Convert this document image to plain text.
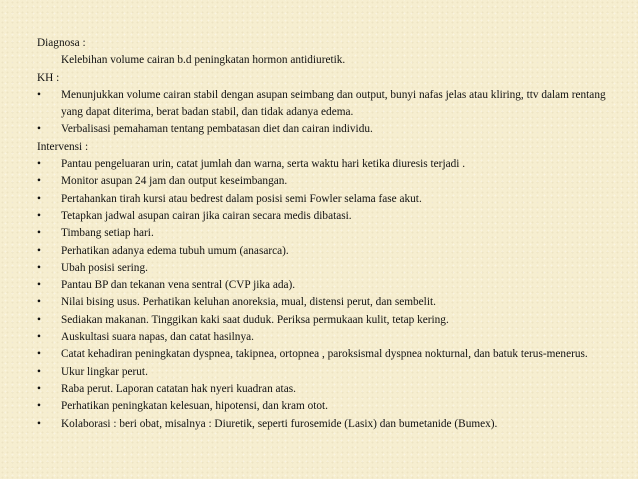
Diagnosa :
Kelebihan volume cairan b.d peningkatan hormon antidiuretik.
KH :
•	Menunjukkan volume cairan stabil dengan asupan seimbang dan output, bunyi nafas jelas atau kliring, ttv dalam rentang yang dapat diterima, berat badan stabil, dan tidak adanya edema.
•	Verbalisasi pemahaman tentang pembatasan diet dan cairan individu.
Intervensi :
•	Pantau pengeluaran urin, catat jumlah dan warna, serta waktu hari ketika diuresis terjadi .
•	Monitor asupan 24 jam dan output keseimbangan.
•	Pertahankan tirah kursi atau bedrest dalam posisi semi Fowler selama fase akut.
•	Tetapkan jadwal asupan cairan jika cairan secara medis dibatasi.
•	Timbang setiap hari.
•	Perhatikan adanya edema tubuh umum (anasarca).
•	Ubah posisi sering.
•	Pantau BP dan tekanan vena sentral (CVP jika ada).
•	Nilai bising usus. Perhatikan keluhan anoreksia, mual, distensi perut, dan sembelit.
•	Sediakan makanan. Tinggikan kaki saat duduk. Periksa permukaan kulit, tetap kering.
•	Auskultasi suara napas, dan catat hasilnya.
•	Catat kehadiran peningkatan dyspnea, takipnea, ortopnea , paroksismal dyspnea nokturnal, dan batuk terus-menerus.
•	Ukur lingkar perut.
•	Raba perut. Laporan catatan hak nyeri kuadran atas.
•	Perhatikan peningkatan kelesuan, hipotensi, dan kram otot.
•	Kolaborasi : beri obat, misalnya : Diuretik, seperti furosemide (Lasix) dan bumetanide (Bumex).
